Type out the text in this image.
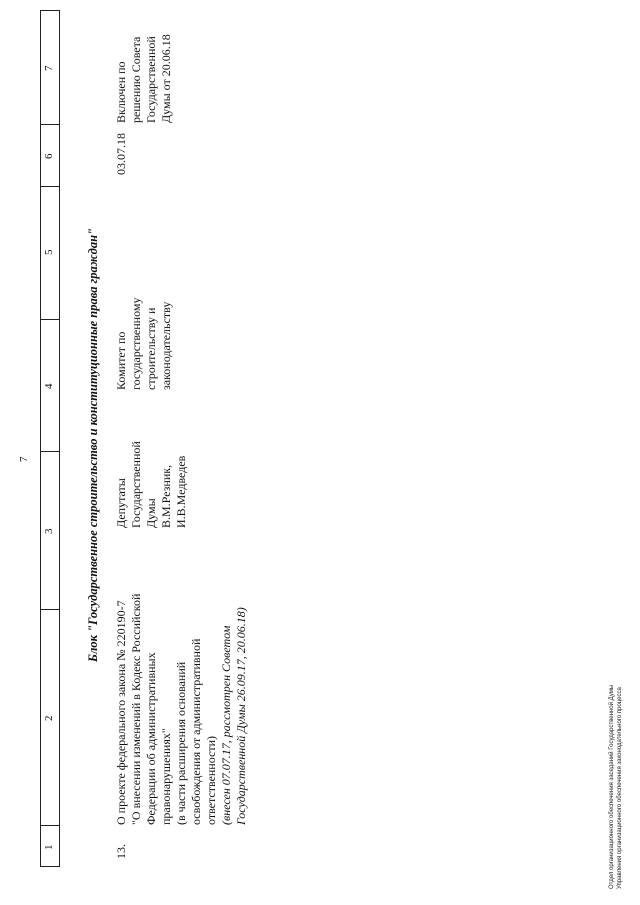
7
1
2
3
4
5
6
7
Блок "Государственное строительство и конституционные права граждан"
13.
О проекте федерального закона № 220190-7 "О внесении изменений в Кодекс Российской Федерации об административных правонарушениях" (в части расширения оснований освобождения от административной ответственности) (внесен 07.07.17, рассмотрен Советом Государственной Думы 26.09.17, 20.06.18)
Депутаты Государственной Думы В.М.Резник, И.В.Медведев
Комитет по государственному строительству и законодательству
03.07.18
Включен по решению Совета Государственной Думы от 20.06.18
Отдел организационного обеспечения заседаний Государственной Думы Управления организационного обеспечения законодательного процесса
